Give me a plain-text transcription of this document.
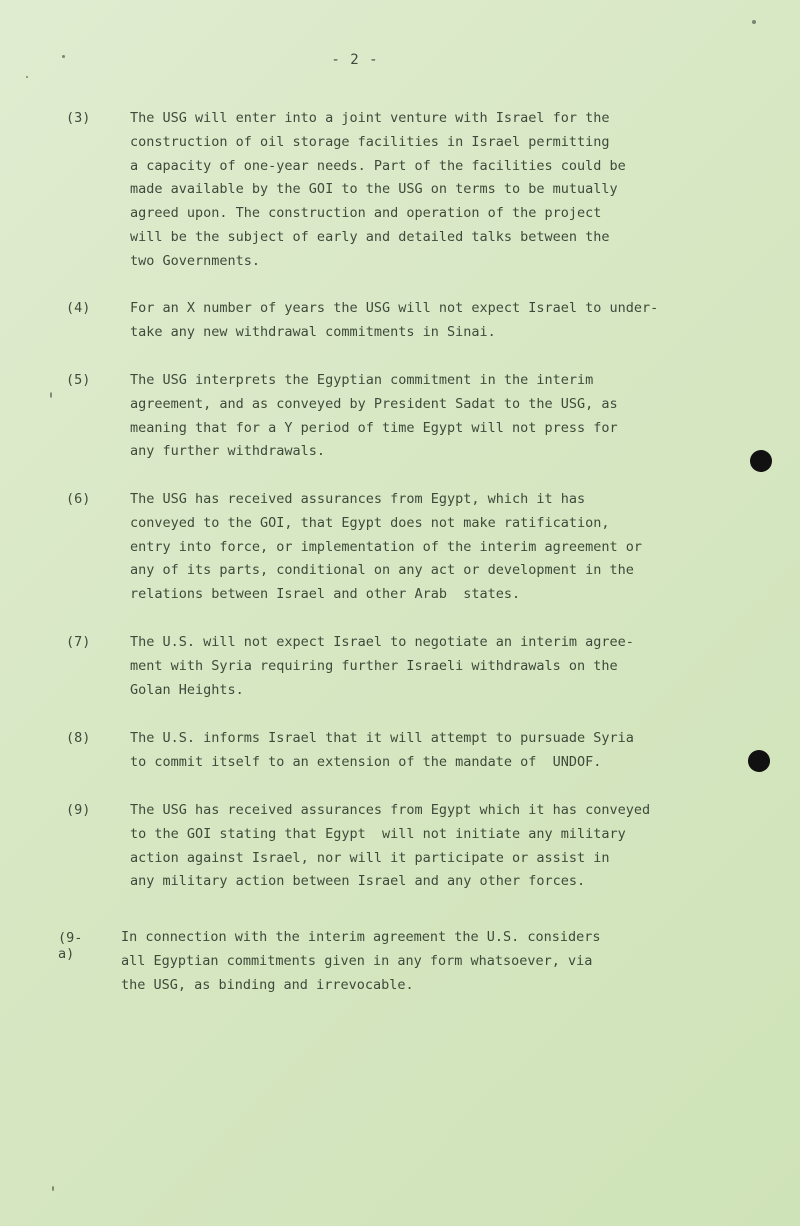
- 2 -
(3)	The USG will enter into a joint venture with Israel for the
construction of oil storage facilities in Israel permitting
a capacity of one-year needs. Part of the facilities could be
made available by the GOI to the USG on terms to be mutually
agreed upon. The construction and operation of the project
will be the subject of early and detailed talks between the
two Governments.
(4)	For an X number of years the USG will not expect Israel to under-
take any new withdrawal commitments in Sinai.
(5)	The USG interprets the Egyptian commitment in the interim
agreement, and as conveyed by President Sadat to the USG, as
meaning that for a Y period of time Egypt will not press for
any further withdrawals.
(6)	The USG has received assurances from Egypt, which it has
conveyed to the GOI, that Egypt does not make ratification,
entry into force, or implementation of the interim agreement or
any of its parts, conditional on any act or development in the
relations between Israel and other Arab  states.
(7)	The U.S. will not expect Israel to negotiate an interim agree-
ment with Syria requiring further Israeli withdrawals on the
Golan Heights.
(8)	The U.S. informs Israel that it will attempt to pursuade Syria
to commit itself to an extension of the mandate of  UNDOF.
(9)	The USG has received assurances from Egypt which it has conveyed
to the GOI stating that Egypt  will not initiate any military
action against Israel, nor will it participate or assist in
any military action between Israel and any other forces.
(9-
a)
In connection with the interim agreement the U.S. considers
all Egyptian commitments given in any form whatsoever, via
the USG, as binding and irrevocable.
